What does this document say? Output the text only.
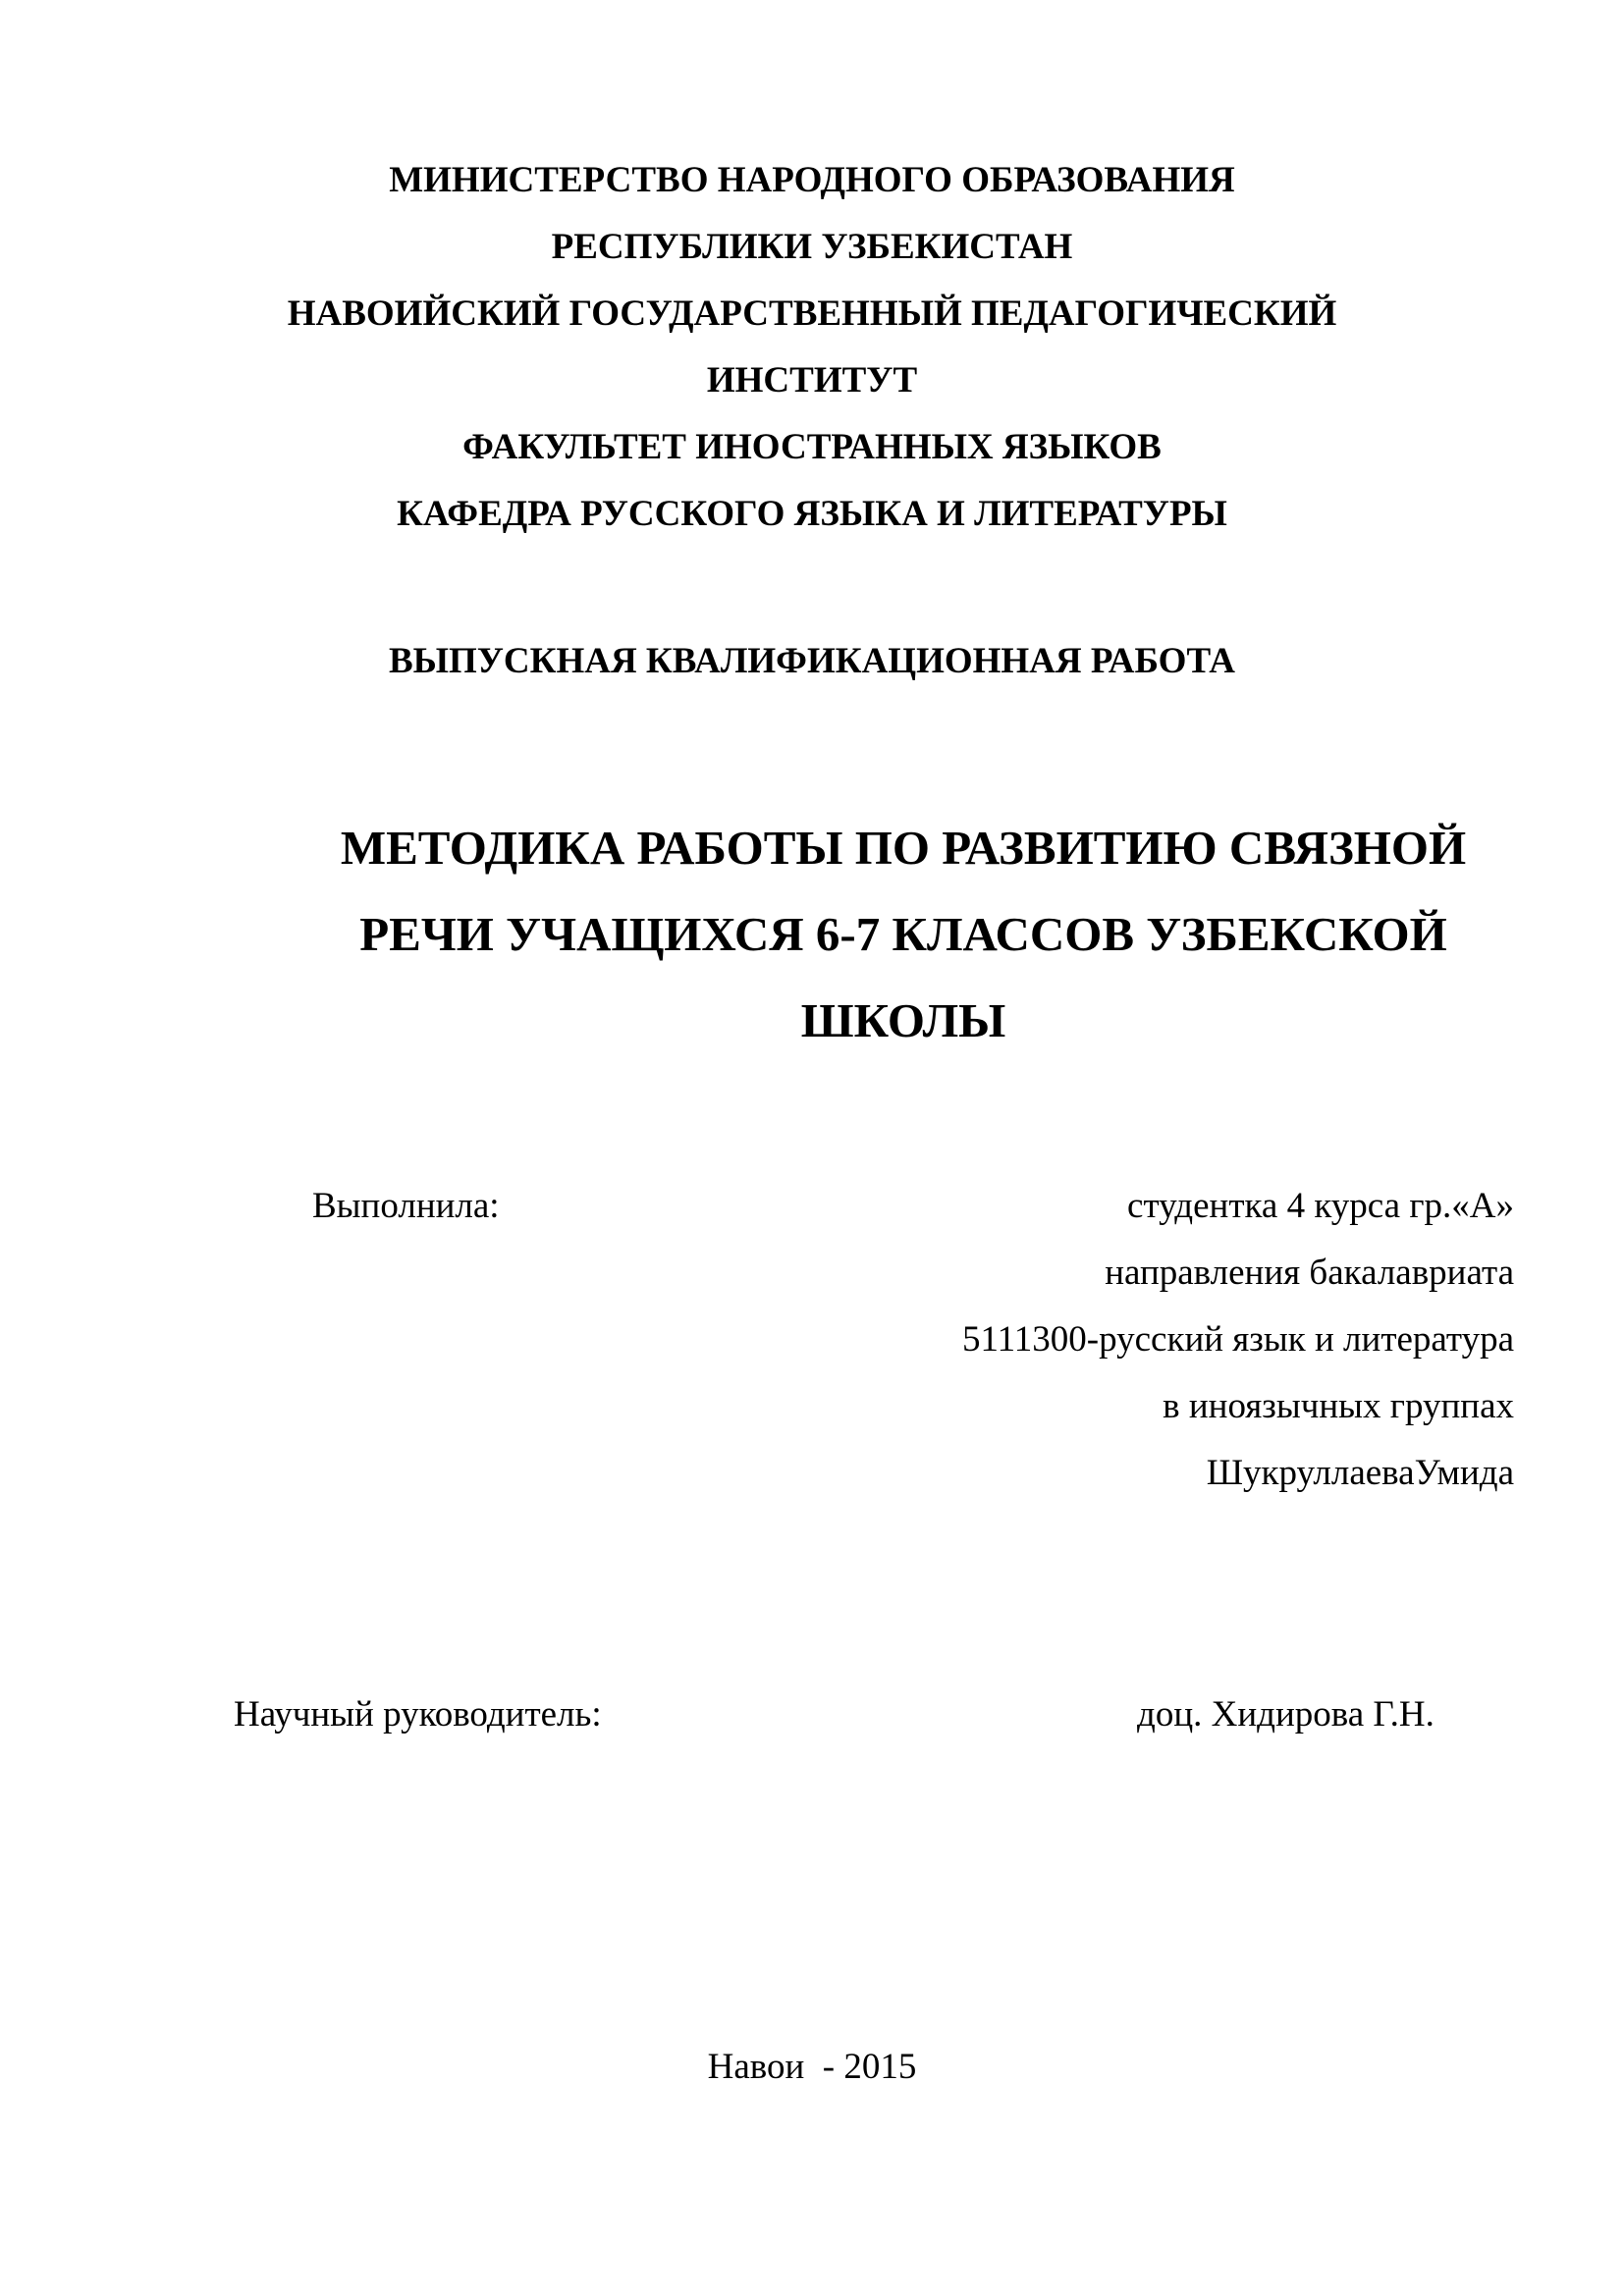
МИНИСТЕРСТВО НАРОДНОГО ОБРАЗОВАНИЯ
РЕСПУБЛИКИ УЗБЕКИСТАН
НАВОИЙСКИЙ ГОСУДАРСТВЕННЫЙ ПЕДАГОГИЧЕСКИЙ
ИНСТИТУТ
ФАКУЛЬТЕТ ИНОСТРАННЫХ ЯЗЫКОВ
КАФЕДРА РУССКОГО ЯЗЫКА И ЛИТЕРАТУРЫ
ВЫПУСКНАЯ КВАЛИФИКАЦИОННАЯ РАБОТА
МЕТОДИКА РАБОТЫ ПО РАЗВИТИЮ СВЯЗНОЙ
РЕЧИ УЧАЩИХСЯ 6-7 КЛАССОВ УЗБЕКСКОЙ
ШКОЛЫ
Выполнила:	студентка 4 курса гр.«А»
направления бакалавриата
5111300-русский язык и литература
в иноязычных группах
ШукруллаеваУмида
Научный руководитель:	доц. Хидирова Г.Н.
Навои  - 2015
